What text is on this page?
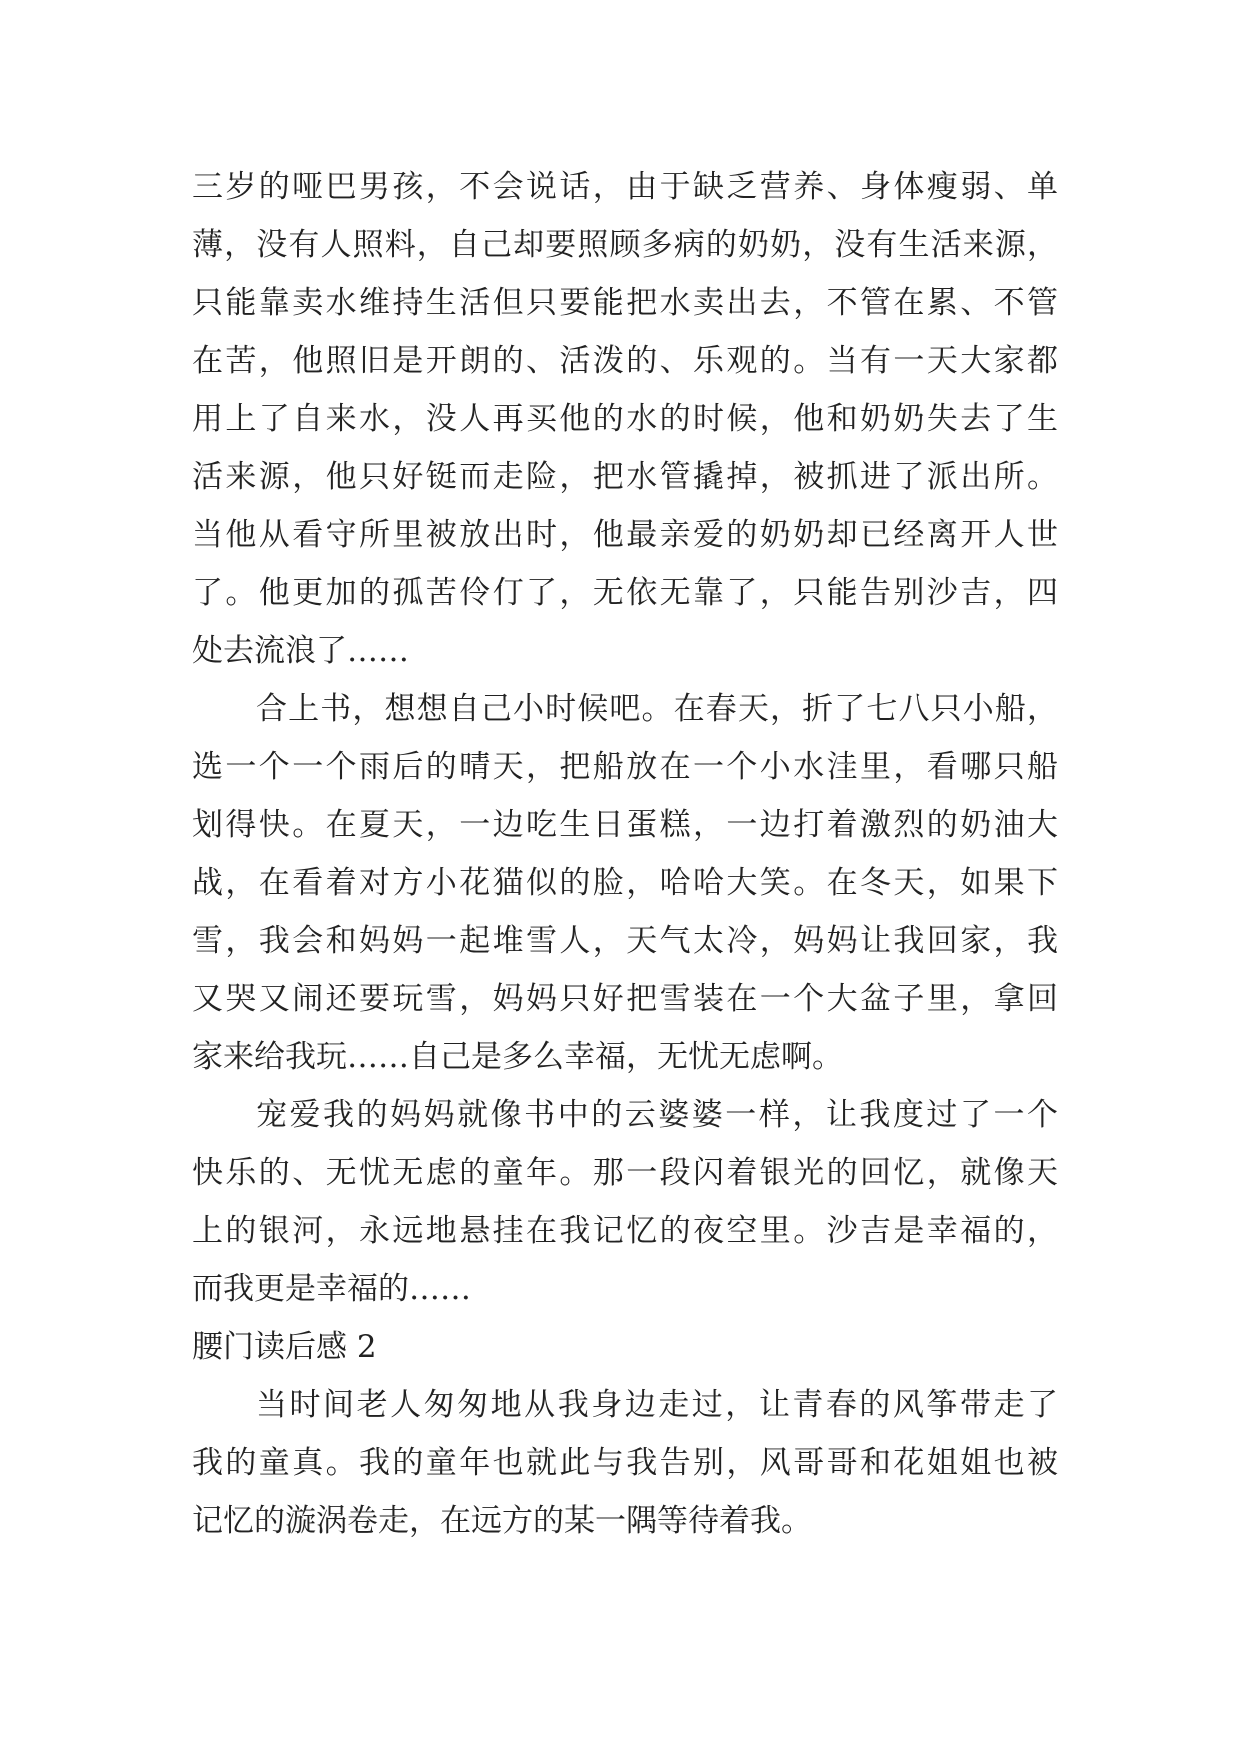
三岁的哑巴男孩，不会说话，由于缺乏营养、身体瘦弱、单
薄，没有人照料，自己却要照顾多病的奶奶，没有生活来源，
只能靠卖水维持生活但只要能把水卖出去，不管在累、不管
在苦，他照旧是开朗的、活泼的、乐观的。当有一天大家都
用上了自来水，没人再买他的水的时候，他和奶奶失去了生
活来源，他只好铤而走险，把水管撬掉，被抓进了派出所。
当他从看守所里被放出时，他最亲爱的奶奶却已经离开人世
了。他更加的孤苦伶仃了，无依无靠了，只能告别沙吉，四
处去流浪了……
合上书，想想自己小时候吧。在春天，折了七八只小船，
选一个一个雨后的晴天，把船放在一个小水洼里，看哪只船
划得快。在夏天，一边吃生日蛋糕，一边打着激烈的奶油大
战，在看着对方小花猫似的脸，哈哈大笑。在冬天，如果下
雪，我会和妈妈一起堆雪人，天气太冷，妈妈让我回家，我
又哭又闹还要玩雪，妈妈只好把雪装在一个大盆子里，拿回
家来给我玩……自己是多么幸福，无忧无虑啊。
宠爱我的妈妈就像书中的云婆婆一样，让我度过了一个
快乐的、无忧无虑的童年。那一段闪着银光的回忆，就像天
上的银河，永远地悬挂在我记忆的夜空里。沙吉是幸福的，
而我更是幸福的……
腰门读后感 2
当时间老人匆匆地从我身边走过，让青春的风筝带走了
我的童真。我的童年也就此与我告别，风哥哥和花姐姐也被
记忆的漩涡卷走，在远方的某一隅等待着我。
